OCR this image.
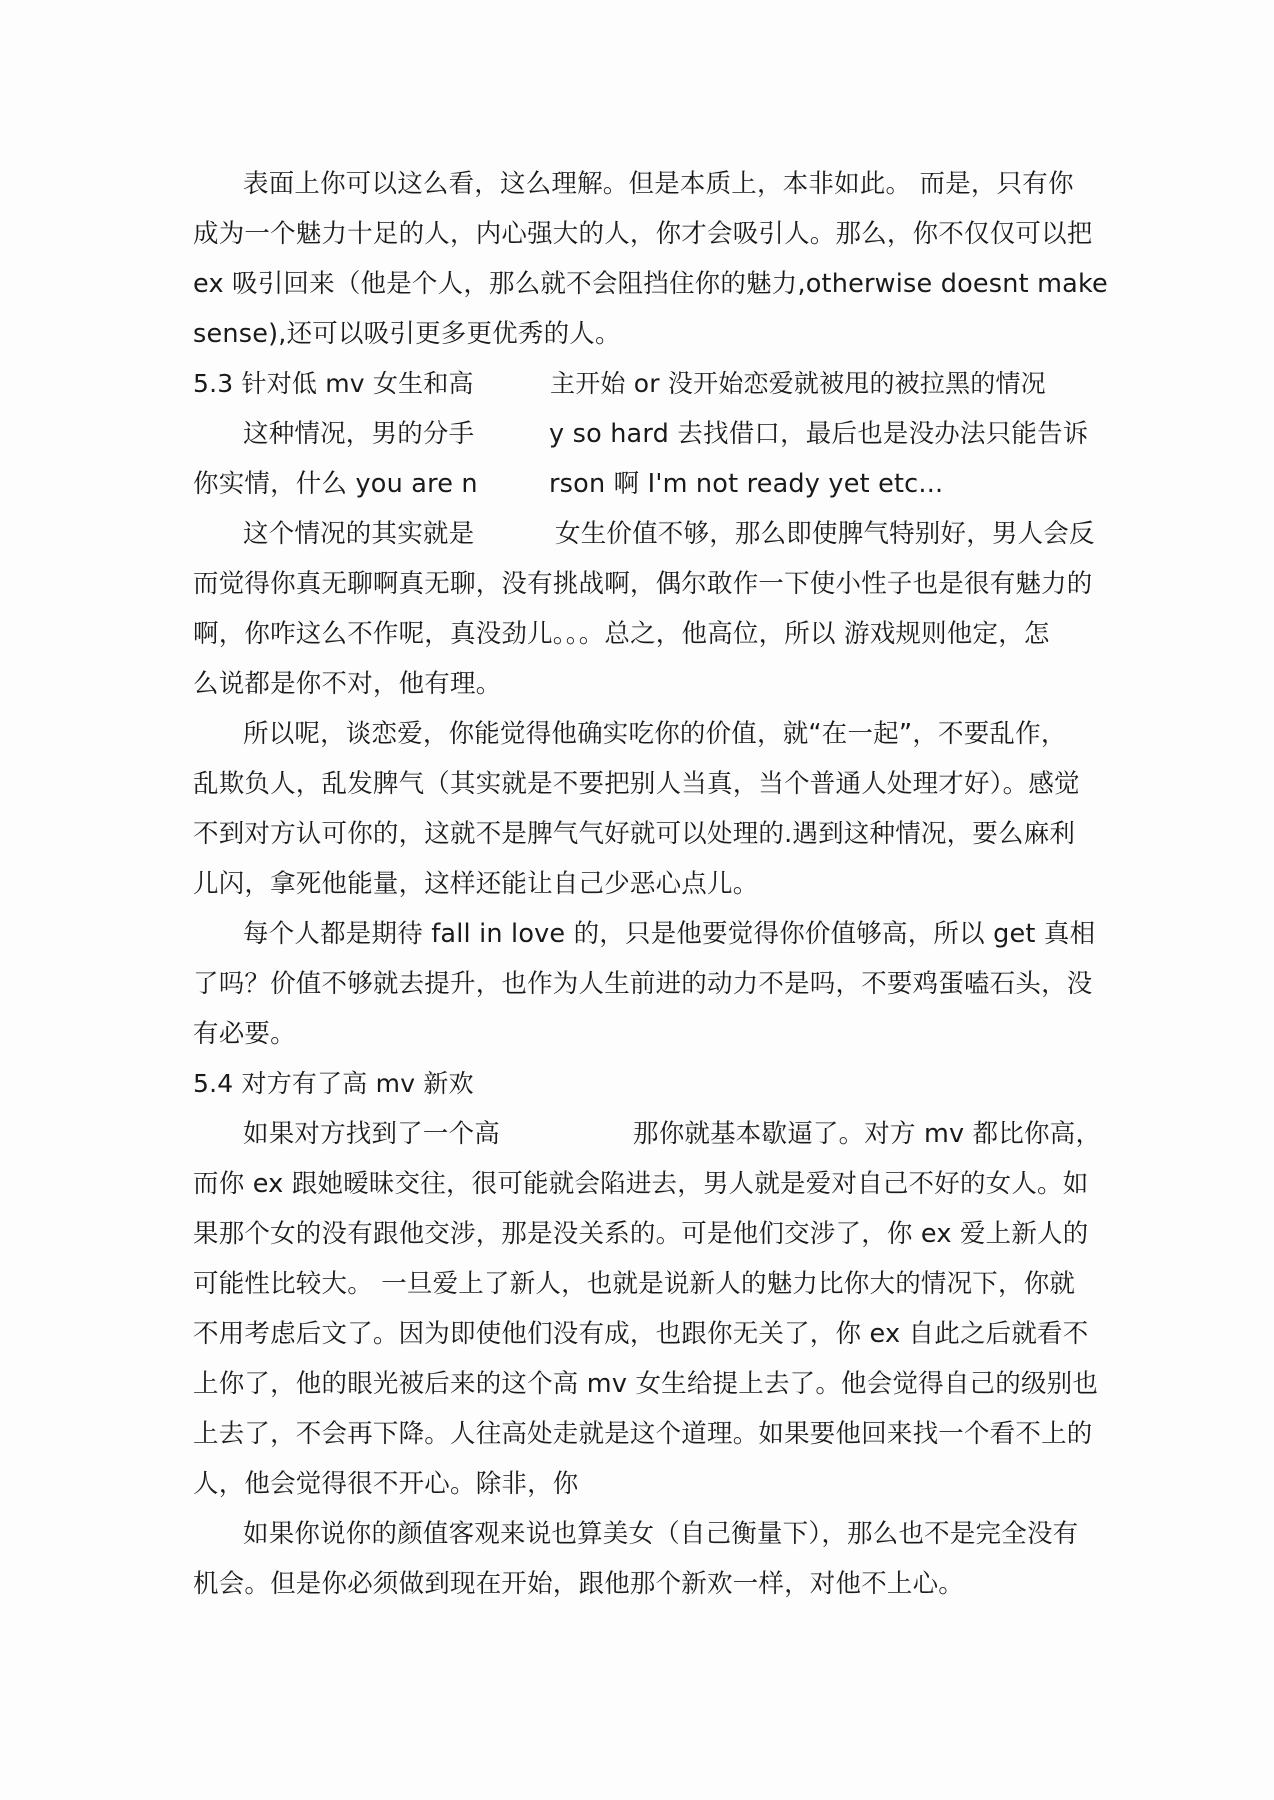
表面上你可以这么看，这么理解。但是本质上，本非如此。 而是，只有你
成为一个魅力十足的人，内心强大的人，你才会吸引人。那么，你不仅仅可以把
ex 吸引回来（他是个人，那么就不会阻挡住你的魅力,otherwise doesnt make
sense),还可以吸引更多更优秀的人。
5.3 针对低 mv 女生和高	主开始 or 没开始恋爱就被甩的被拉黑的情况
这种情况，男的分手	y so hard 去找借口，最后也是没办法只能告诉
你实情，什么 you are n	rson 啊 I'm not ready yet etc...
这个情况的其实就是	女生价值不够，那么即使脾气特别好，男人会反
而觉得你真无聊啊真无聊，没有挑战啊，偶尔敢作一下使小性子也是很有魅力的
啊，你咋这么不作呢，真没劲儿。。。总之，他高位，所以 游戏规则他定，怎
么说都是你不对，他有理。
所以呢，谈恋爱，你能觉得他确实吃你的价值，就“在一起”，不要乱作，
乱欺负人，乱发脾气（其实就是不要把别人当真，当个普通人处理才好）。感觉
不到对方认可你的，这就不是脾气气好就可以处理的.遇到这种情况，要么麻利
儿闪，拿死他能量，这样还能让自己少恶心点儿。
每个人都是期待 fall in love 的，只是他要觉得你价值够高，所以 get 真相
了吗？价值不够就去提升，也作为人生前进的动力不是吗，不要鸡蛋嗑石头，没
有必要。
5.4 对方有了高 mv 新欢
如果对方找到了一个高	那你就基本歇逼了。对方 mv 都比你高，
而你 ex 跟她暧昧交往，很可能就会陷进去，男人就是爱对自己不好的女人。如
果那个女的没有跟他交涉，那是没关系的。可是他们交涉了，你 ex 爱上新人的
可能性比较大。 一旦爱上了新人，也就是说新人的魅力比你大的情况下，你就
不用考虑后文了。因为即使他们没有成，也跟你无关了，你 ex 自此之后就看不
上你了，他的眼光被后来的这个高 mv 女生给提上去了。他会觉得自己的级别也
上去了，不会再下降。人往高处走就是这个道理。如果要他回来找一个看不上的
人，他会觉得很不开心。除非，你
如果你说你的颜值客观来说也算美女（自己衡量下），那么也不是完全没有
机会。但是你必须做到现在开始，跟他那个新欢一样，对他不上心。
